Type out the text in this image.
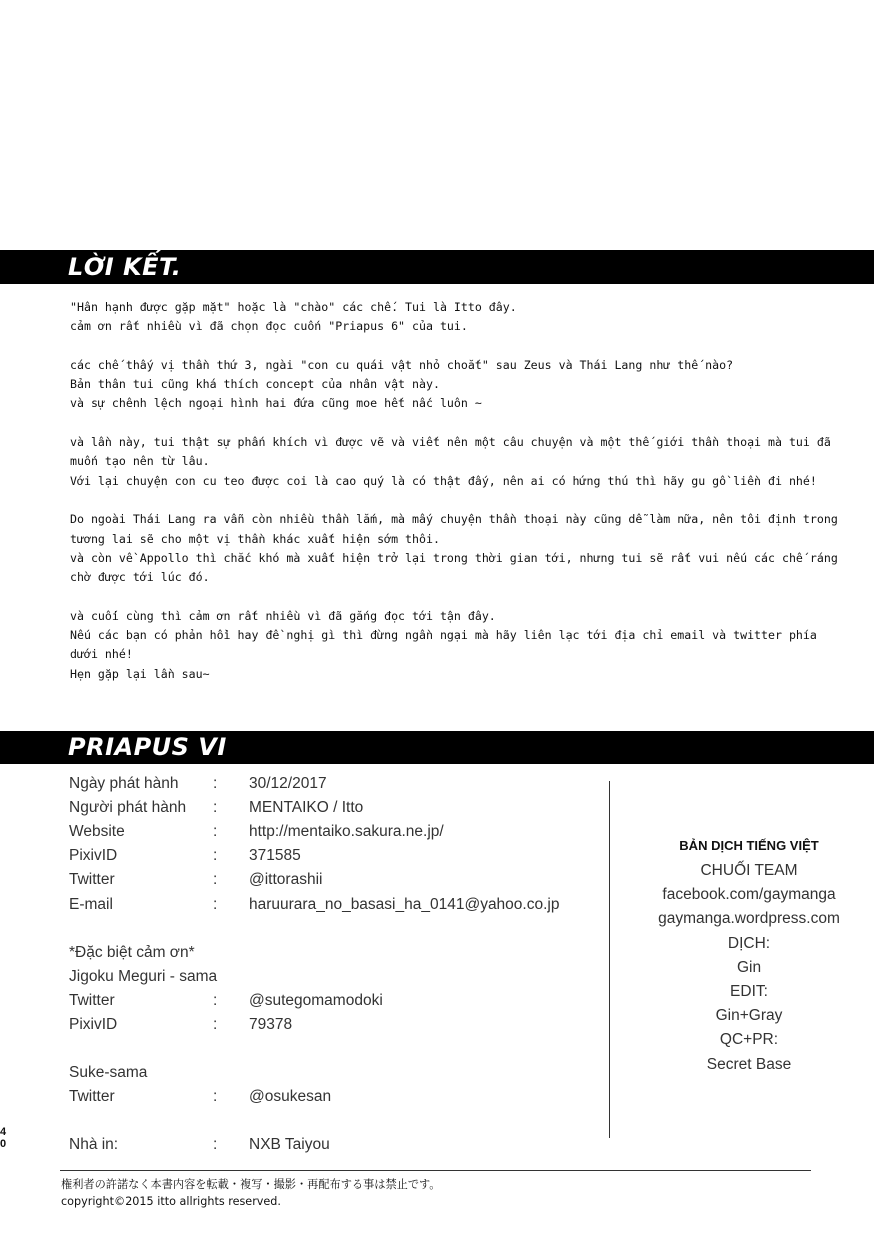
LỜI KẾT.

"Hân hạnh được gặp mặt" hoặc là "chào" các chế. Tui là Itto đây.

cảm ơn rất nhiều vì đã chọn đọc cuốn "Priapus 6" của tui.

các chế thấy vị thần thứ 3, ngài "con cu quái vật nhỏ choắt" sau Zeus và Thái Lang như thế nào?

Bản thân tui cũng khá thích concept của nhân vật này.

và sự chênh lệch ngoại hình hai đứa cũng moe hết nấc luôn ~

và lần này, tui thật sự phấn khích vì được vẽ và viết nên một câu chuyện và một thế giới thần thoại mà tui đã muốn tạo nên từ lâu.

Với lại chuyện con cu teo được coi là cao quý là có thật đấy, nên ai có hứng thú thì hãy gu gồ liền đi nhé!

Do ngoài Thái Lang ra vẫn còn nhiều thần lắm, mà mấy chuyện thần thoại này cũng dễ làm nữa, nên tôi định trong tương lai sẽ cho một vị thần khác xuất hiện sớm thôi.

và còn về Appollo thì chắc khó mà xuất hiện trở lại trong thời gian tới, nhưng tui sẽ rất vui nếu các chế ráng chờ được tới lúc đó.

và cuối cùng thì cảm ơn rất nhiều vì đã gắng đọc tới tận đây.

Nếu các bạn có phản hồi hay đề nghị gì thì đừng ngần ngại mà hãy liên lạc tới địa chỉ email và twitter phía dưới nhé!

Hẹn gặp lại lần sau~

PRIAPUS VI
Ngày phát hành : 30/12/2017
Người phát hành : MENTAIKO / Itto
Website	: http://mentaiko.sakura.ne.jp/
PixivID	: 371585
Twitter	: @ittorashii
E-mail	: haruurara_no_basasi_ha_0141@yahoo.co.jp
*Đặc biệt cảm ơn*
Jigoku Meguri - sama
Twitter	: @sutegomamodoki
PixivID	: 79378
Suke-sama
Twitter	: @osukesan
Nhà in:	: NXB Taiyou
BẢN DỊCH TIẾNG VIỆT
CHUỐI TEAM
facebook.com/gaymanga
gaymanga.wordpress.com
DỊCH:
Gin
EDIT:
Gin+Gray
QC+PR:
Secret Base
4
0
権利者の許諾なく本書内容を転載・複写・撮影・再配布する事は禁止です。
copyright©2015 itto allrights reserved.
